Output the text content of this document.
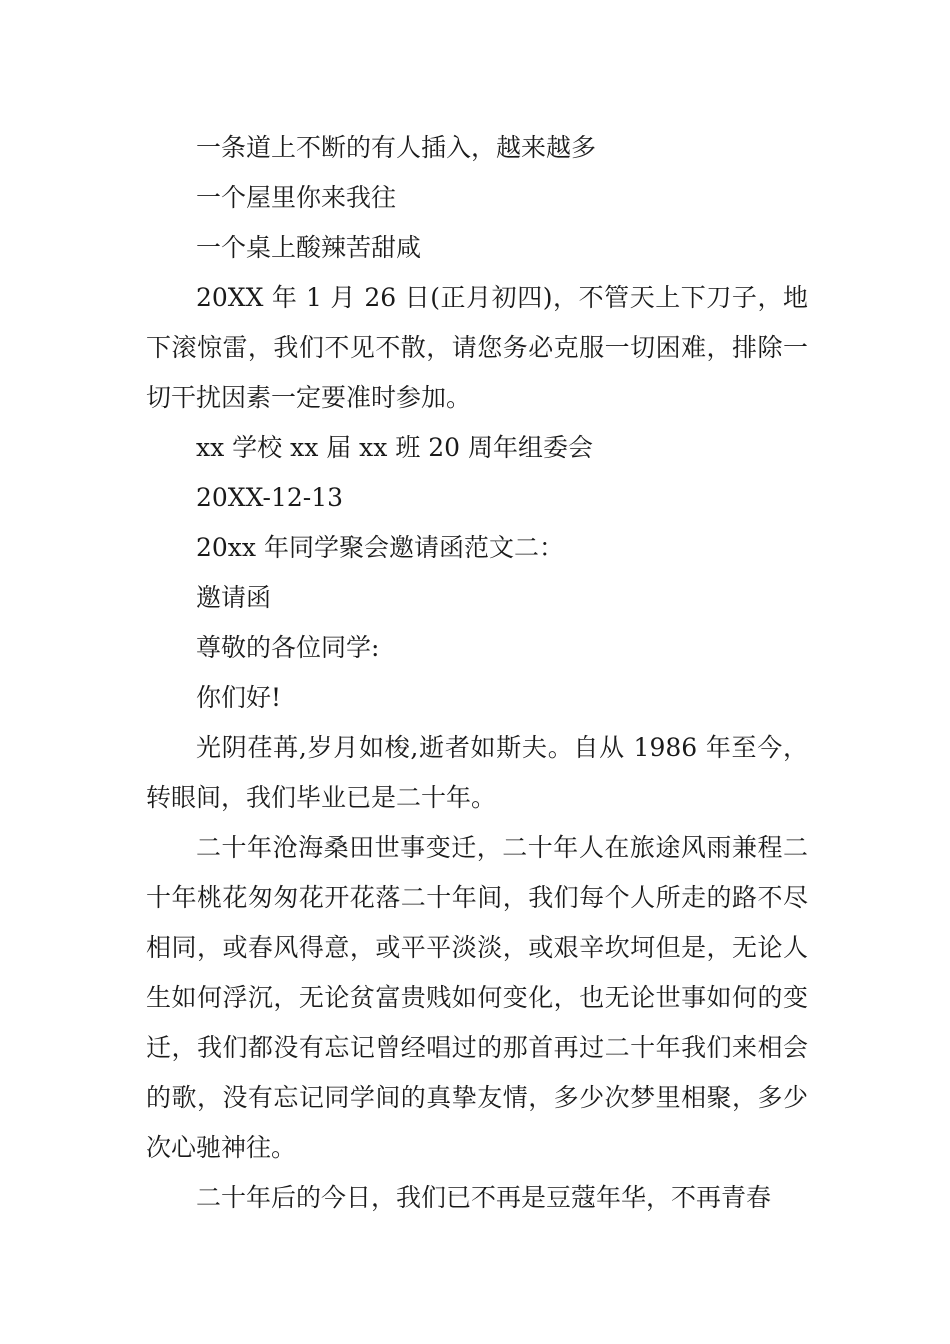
一条道上不断的有人插入，越来越多

一个屋里你来我往

一个桌上酸辣苦甜咸

20XX 年 1 月 26 日(正月初四)，不管天上下刀子，地下滚惊雷，我们不见不散，请您务必克服一切困难，排除一切干扰因素一定要准时参加。

xx 学校 xx 届 xx 班 20 周年组委会

20XX-12-13

20xx 年同学聚会邀请函范文二：

邀请函

尊敬的各位同学:

你们好!

光阴荏苒,岁月如梭,逝者如斯夫。自从 1986 年至今，转眼间，我们毕业已是二十年。

二十年沧海桑田世事变迁，二十年人在旅途风雨兼程二十年桃花匆匆花开花落二十年间，我们每个人所走的路不尽相同，或春风得意，或平平淡淡，或艰辛坎坷但是，无论人生如何浮沉，无论贫富贵贱如何变化，也无论世事如何的变迁，我们都没有忘记曾经唱过的那首再过二十年我们来相会的歌，没有忘记同学间的真挚友情，多少次梦里相聚，多少次心驰神往。

二十年后的今日，我们已不再是豆蔻年华，不再青春
